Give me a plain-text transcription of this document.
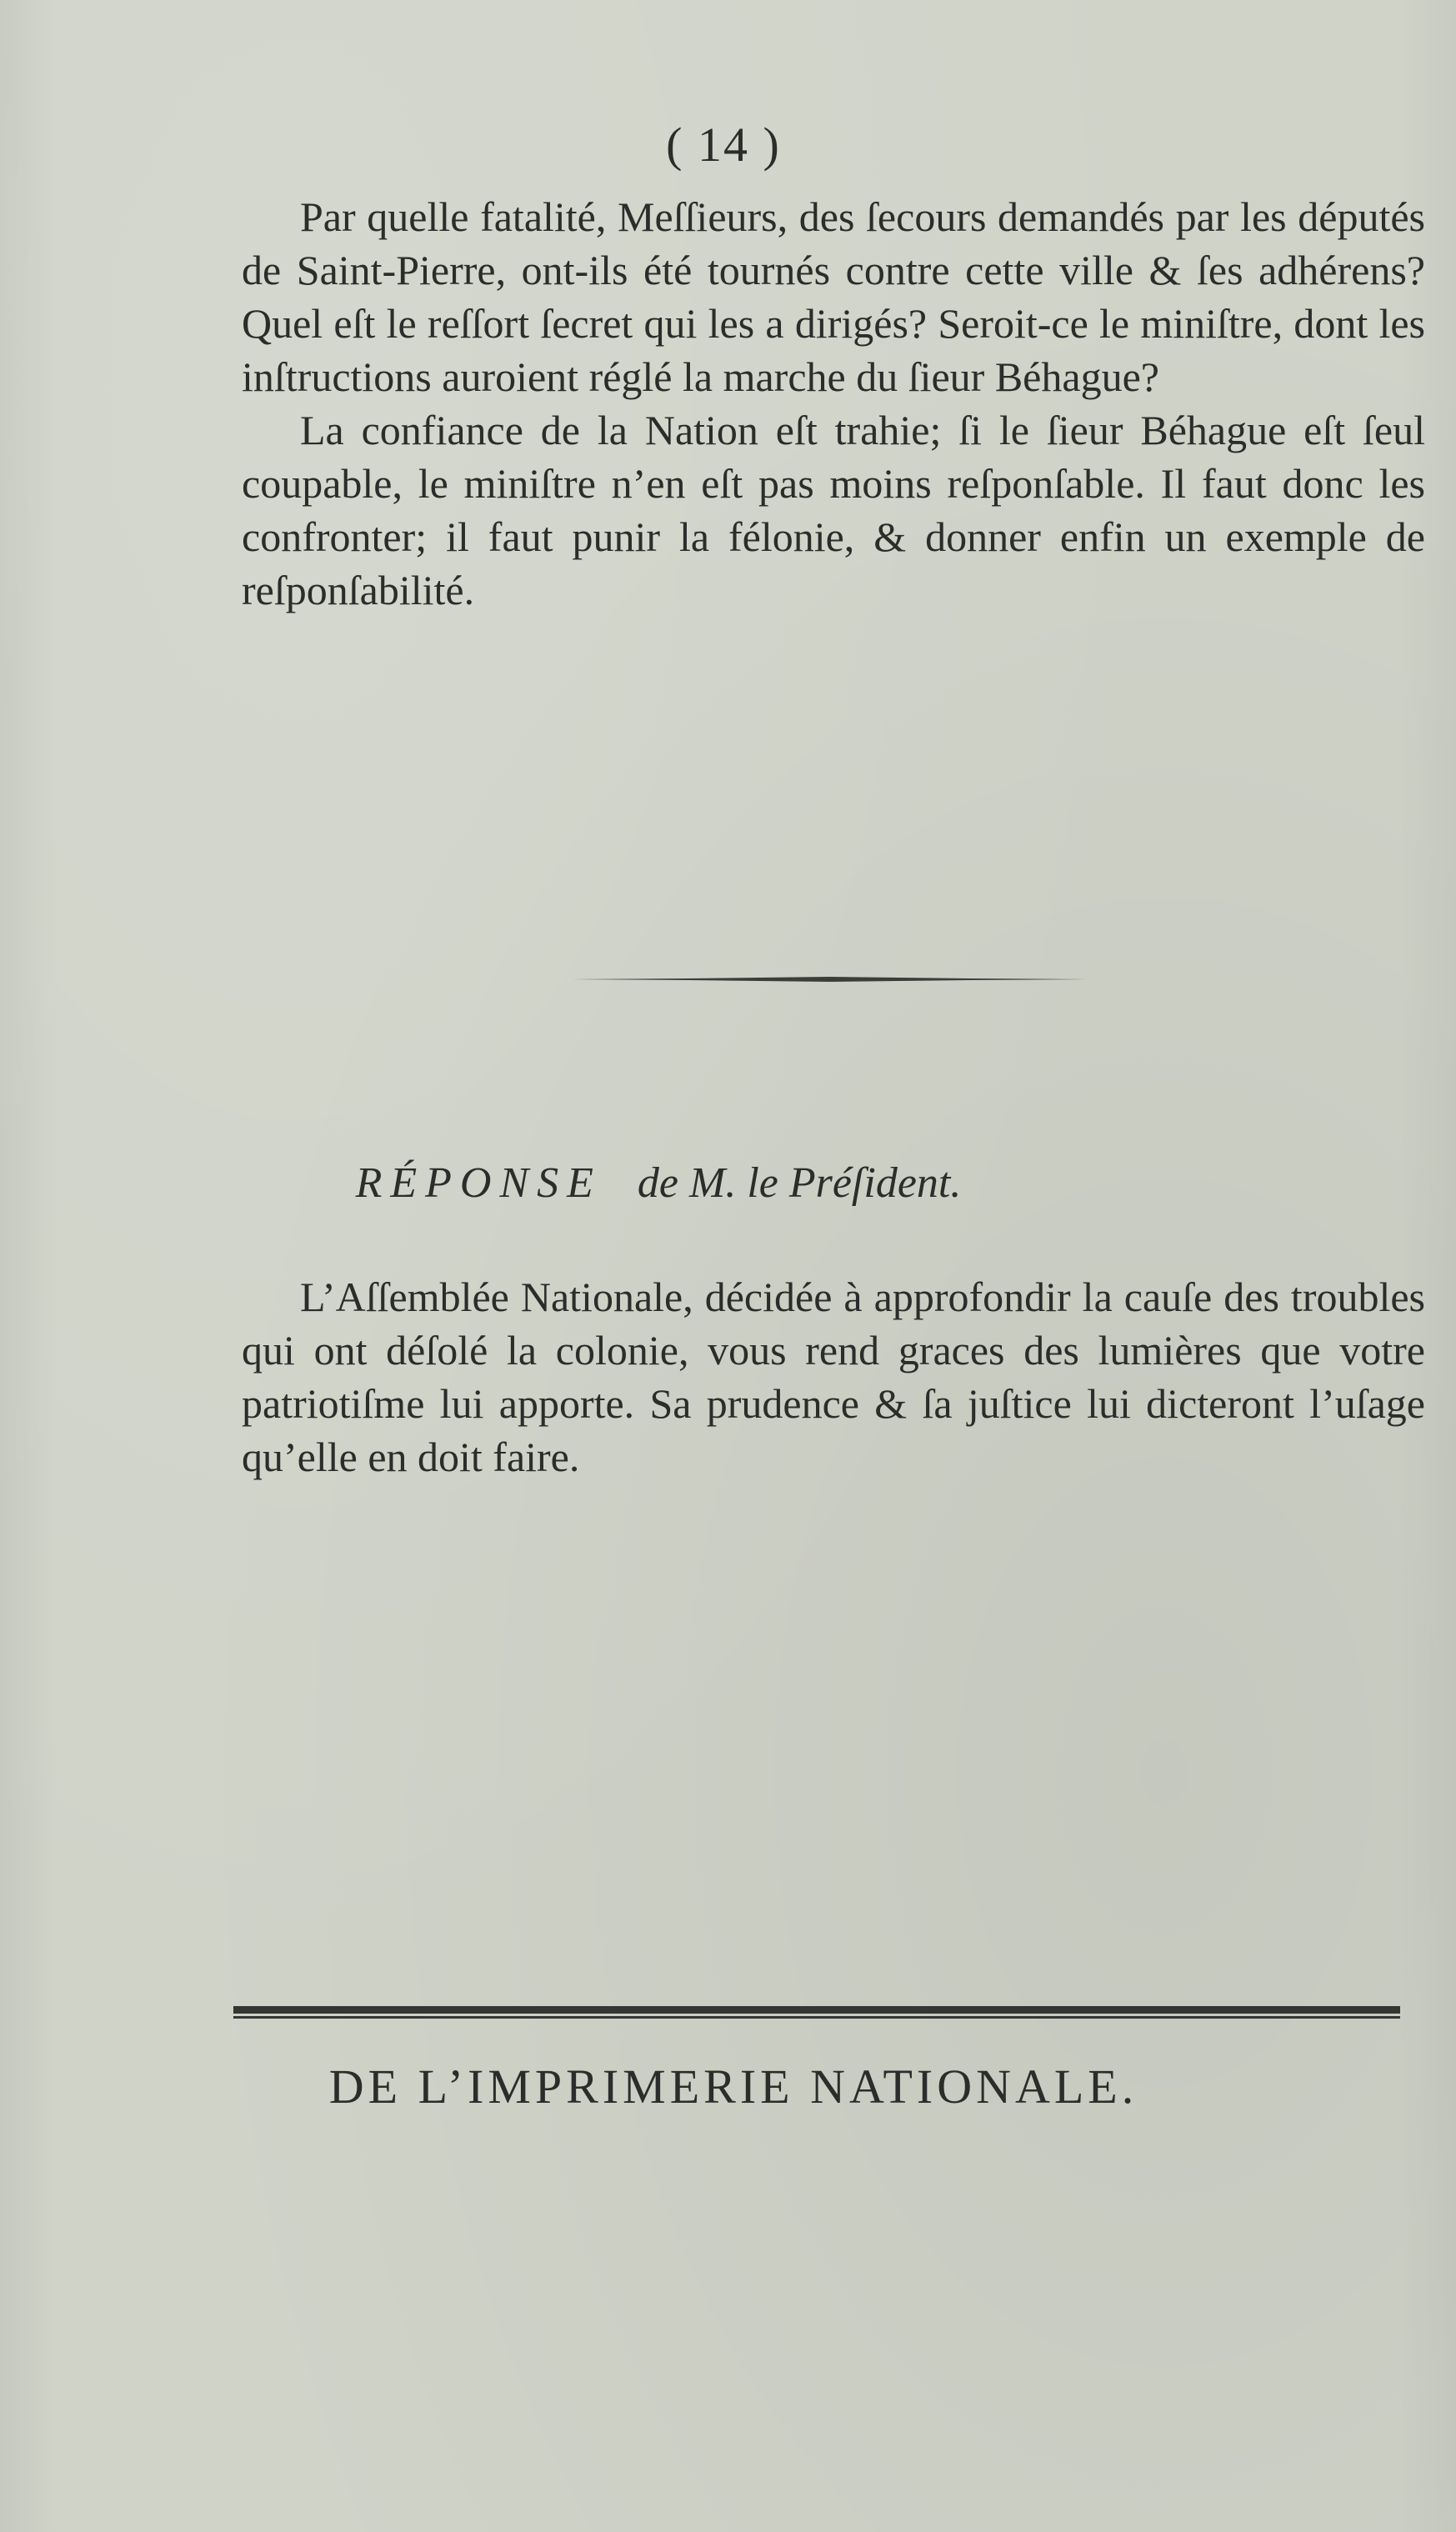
( 14 )

Par quelle fatalité, Meſſieurs, des ſecours demandés par les députés de Saint-Pierre, ont-ils été tournés contre cette ville & ſes adhérens? Quel eſt le reſſort ſecret qui les a dirigés? Seroit-ce le miniſtre, dont les inſtructions auroient réglé la marche du ſieur Béhague?

La confiance de la Nation eſt trahie; ſi le ſieur Béhague eſt ſeul coupable, le miniſtre n’en eſt pas moins reſponſable. Il faut donc les confronter; il faut punir la félonie, & donner enfin un exemple de reſponſabilité.

RÉPONSE de M. le Préſident.

L’Aſſemblée Nationale, décidée à approfondir la cauſe des troubles qui ont déſolé la colonie, vous rend graces des lumières que votre patriotiſme lui apporte. Sa prudence & ſa juſtice lui dicteront l’uſage qu’elle en doit faire.

DE L’IMPRIMERIE NATIONALE.
